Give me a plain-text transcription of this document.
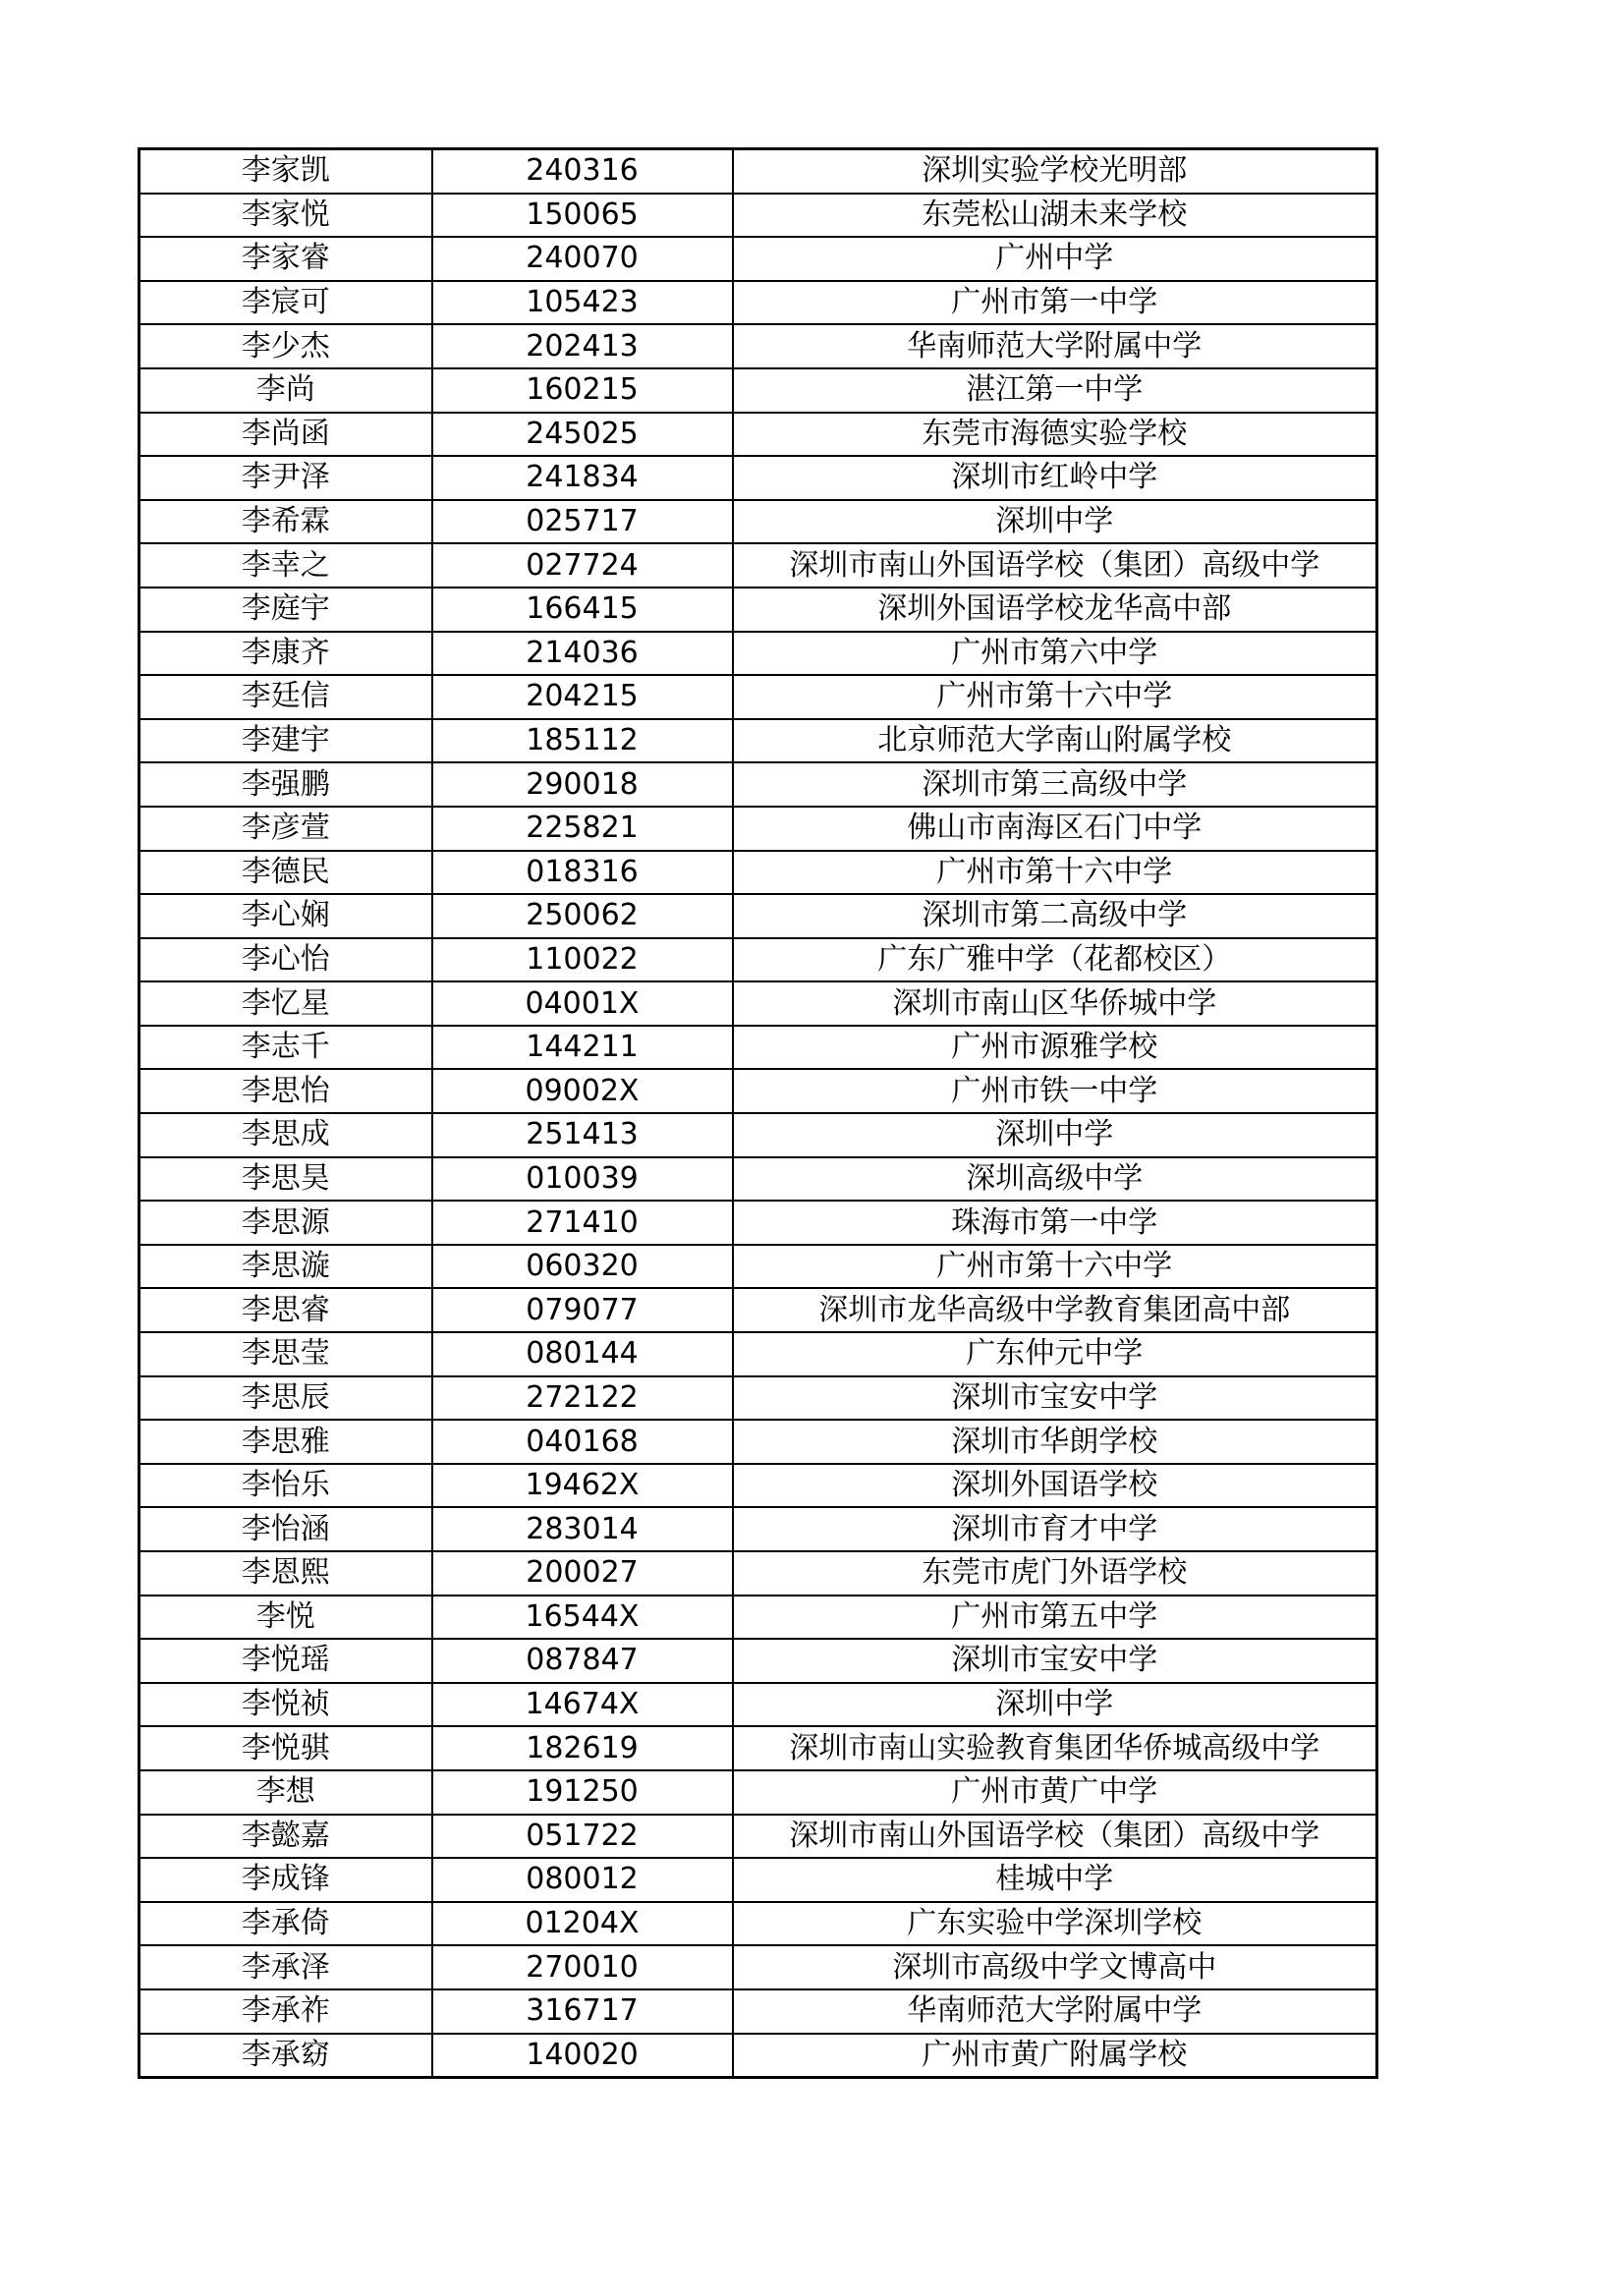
李家凯	240316	深圳实验学校光明部
李家悦	150065	东莞松山湖未来学校
李家睿	240070	广州中学
李宸可	105423	广州市第一中学
李少杰	202413	华南师范大学附属中学
李尚	160215	湛江第一中学
李尚函	245025	东莞市海德实验学校
李尹泽	241834	深圳市红岭中学
李希霖	025717	深圳中学
李幸之	027724	深圳市南山外国语学校（集团）高级中学
李庭宇	166415	深圳外国语学校龙华高中部
李康齐	214036	广州市第六中学
李廷信	204215	广州市第十六中学
李建宇	185112	北京师范大学南山附属学校
李强鹏	290018	深圳市第三高级中学
李彦萱	225821	佛山市南海区石门中学
李德民	018316	广州市第十六中学
李心娴	250062	深圳市第二高级中学
李心怡	110022	广东广雅中学（花都校区）
李忆星	04001X	深圳市南山区华侨城中学
李志千	144211	广州市源雅学校
李思怡	09002X	广州市铁一中学
李思成	251413	深圳中学
李思昊	010039	深圳高级中学
李思源	271410	珠海市第一中学
李思漩	060320	广州市第十六中学
李思睿	079077	深圳市龙华高级中学教育集团高中部
李思莹	080144	广东仲元中学
李思辰	272122	深圳市宝安中学
李思雅	040168	深圳市华朗学校
李怡乐	19462X	深圳外国语学校
李怡涵	283014	深圳市育才中学
李恩熙	200027	东莞市虎门外语学校
李悦	16544X	广州市第五中学
李悦瑶	087847	深圳市宝安中学
李悦祯	14674X	深圳中学
李悦骐	182619	深圳市南山实验教育集团华侨城高级中学
李想	191250	广州市黄广中学
李懿嘉	051722	深圳市南山外国语学校（集团）高级中学
李成锋	080012	桂城中学
李承倚	01204X	广东实验中学深圳学校
李承泽	270010	深圳市高级中学文博高中
李承祚	316717	华南师范大学附属中学
李承窈	140020	广州市黄广附属学校
